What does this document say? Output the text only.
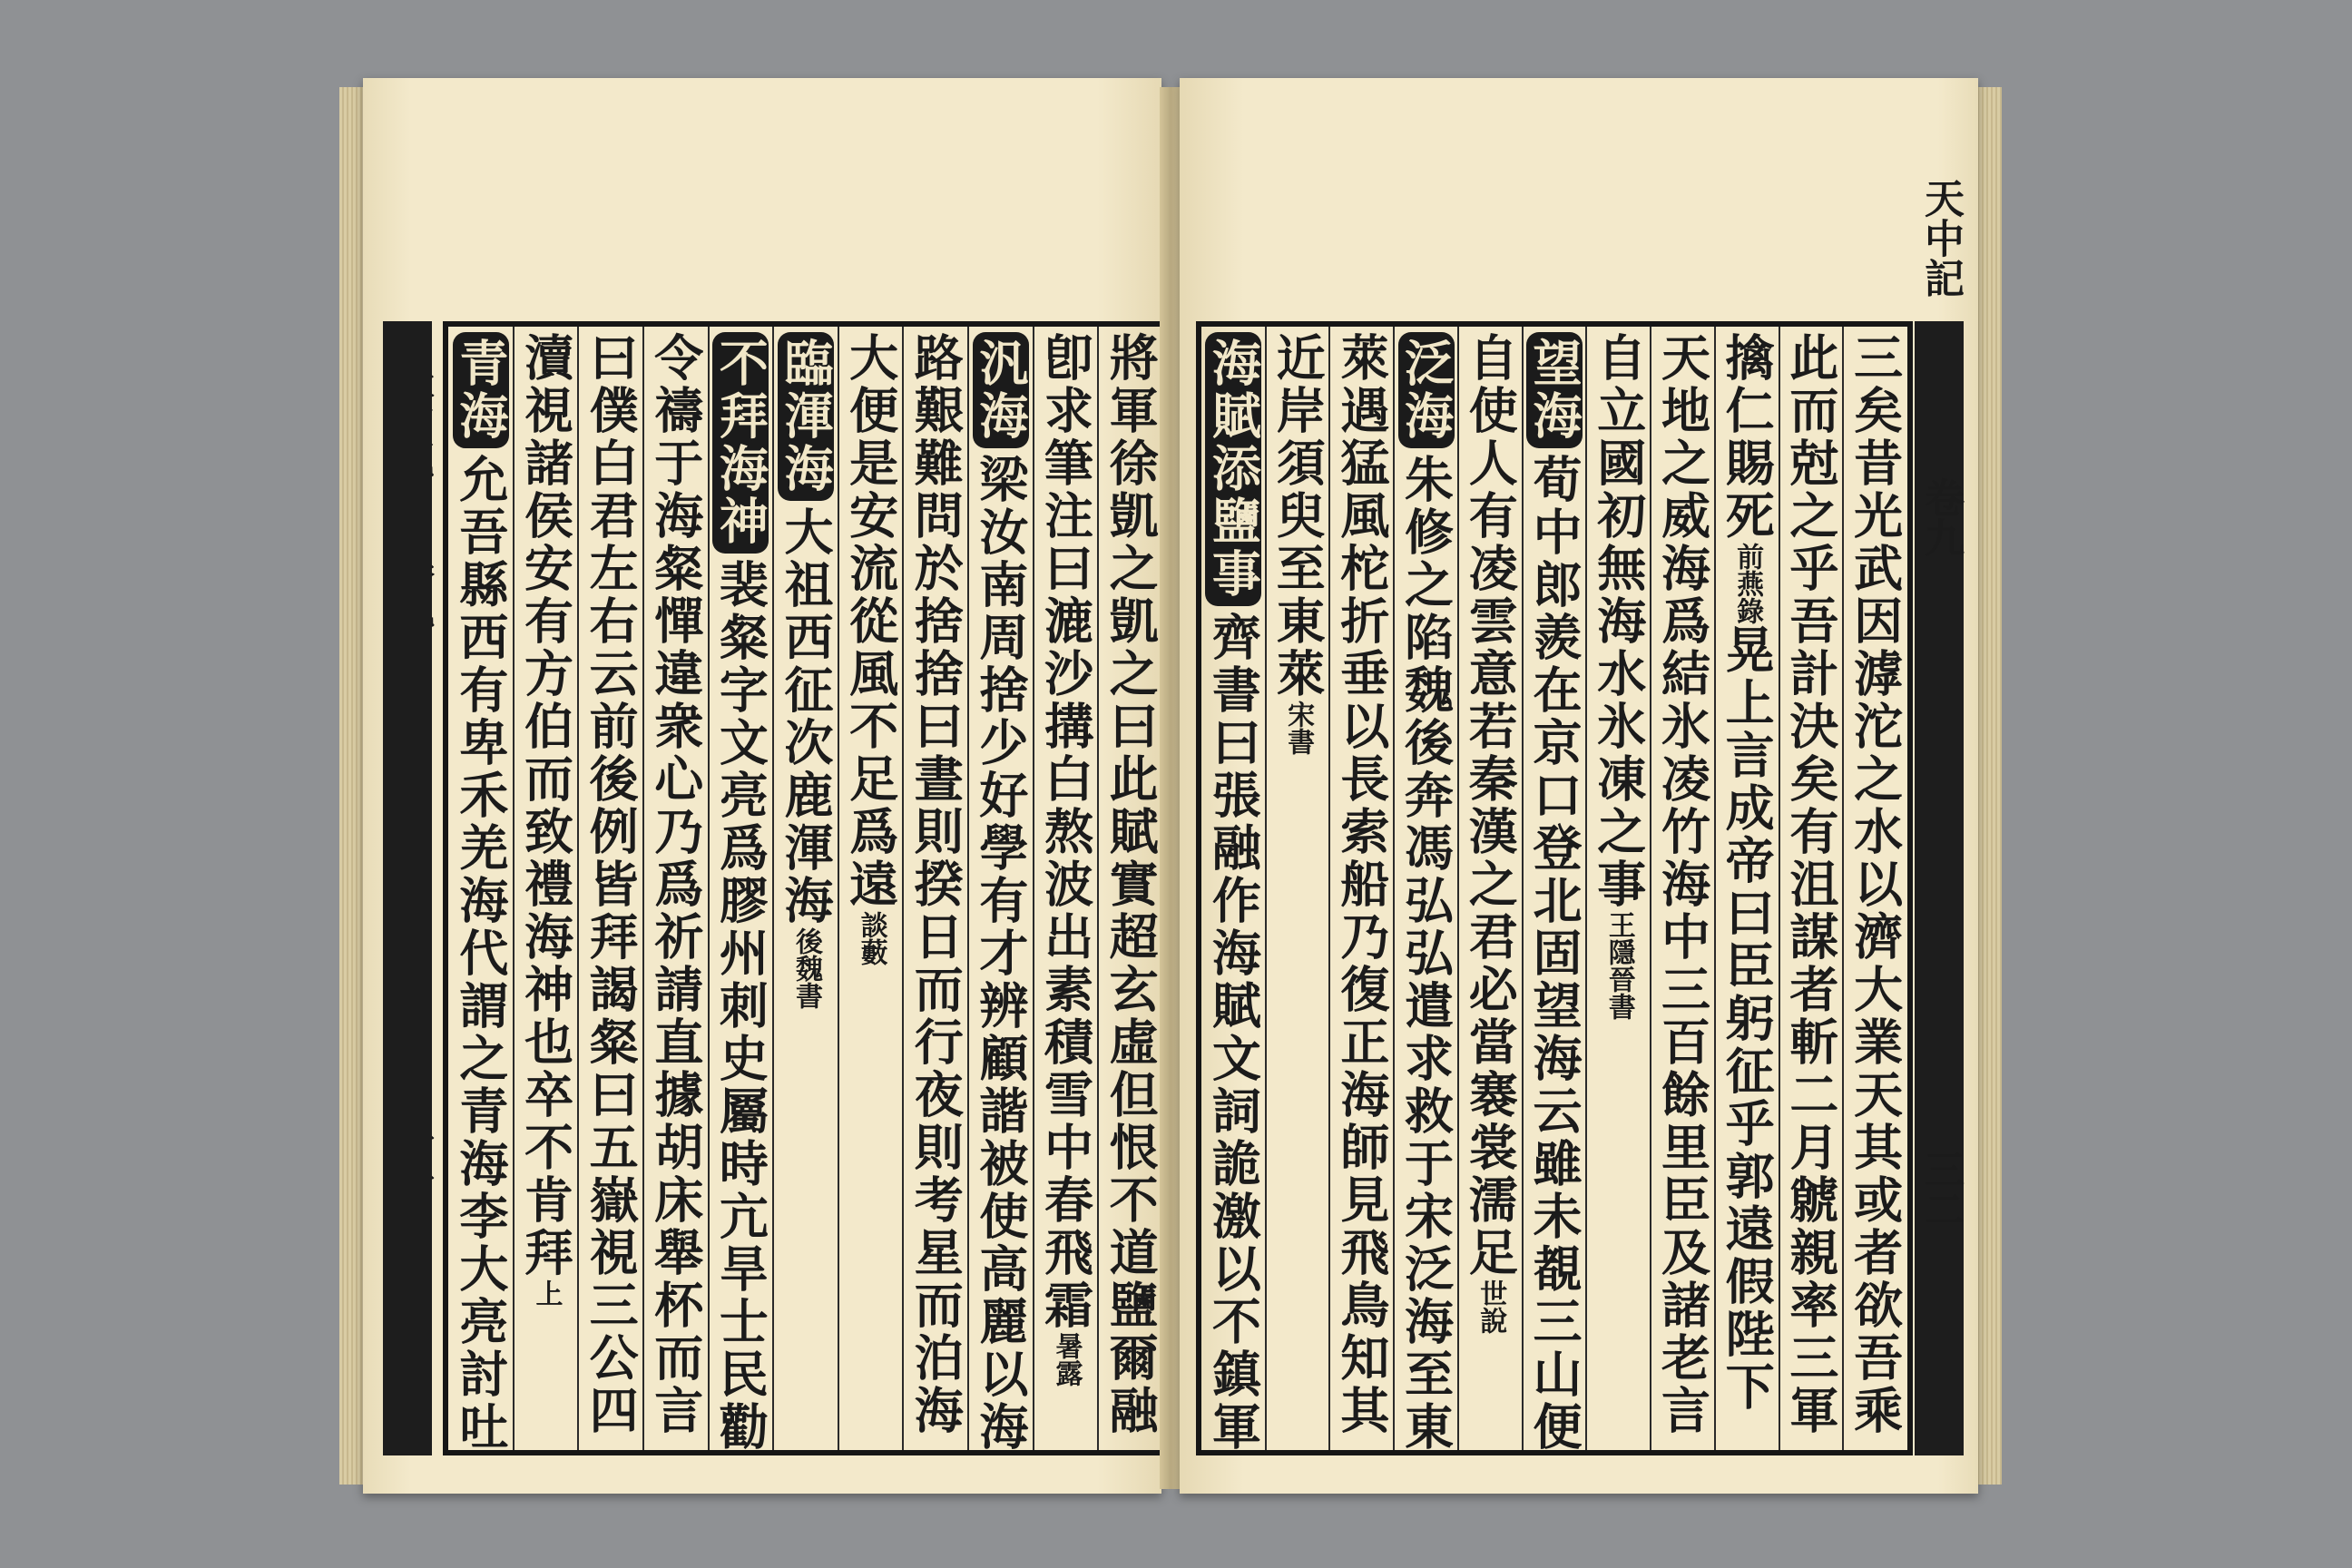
將軍徐凱之凱之曰此賦實超玄虛但恨不道鹽爾融
卽求筆注曰漉沙搆白熬波出素積雪中春飛霜暑露
汎海梁汝南周捨少好學有才辨顧諧被使高麗以海
路艱難問於捨捨曰晝則揆日而行夜則考星而泊海
大便是安流從風不足爲遠談藪
臨渾海大祖西征次鹿渾海後魏書
不拜海神裴粲字文亮爲膠州刺史屬時亢旱士民勸
令禱于海粲憚違衆心乃爲祈請直據胡床舉杯而言
曰僕白君左右云前後例皆拜謁粲曰五嶽視三公四
瀆視諸侯安有方伯而致禮海神也卒不肯拜上
青海允吾縣西有卑禾羌海代謂之青海李大亮討吐
天中記
卷九
三二
三矣昔光武因滹沱之水以濟大業天其或者欲吾乘
此而尅之乎吾計決矣有沮謀者斬二月虩親率三軍
擒仁賜死前燕錄晃上言成帝曰臣躬征乎郭遠假陛下
天地之威海爲結氷凌竹海中三百餘里臣及諸老言
自立國初無海水氷凍之事王隱晉書
望海荀中郎羨在京口登北固望海云雖未覩三山便
自使人有凌雲意若秦漢之君必當褰裳濡足世說
泛海朱修之陷魏後奔馮弘弘遣求救于宋泛海至東
萊遇猛風柁折垂以長索船乃復正海師見飛鳥知其
近岸須臾至東萊宋書
海賦添鹽事齊書曰張融作海賦文詞詭激以不鎮軍
